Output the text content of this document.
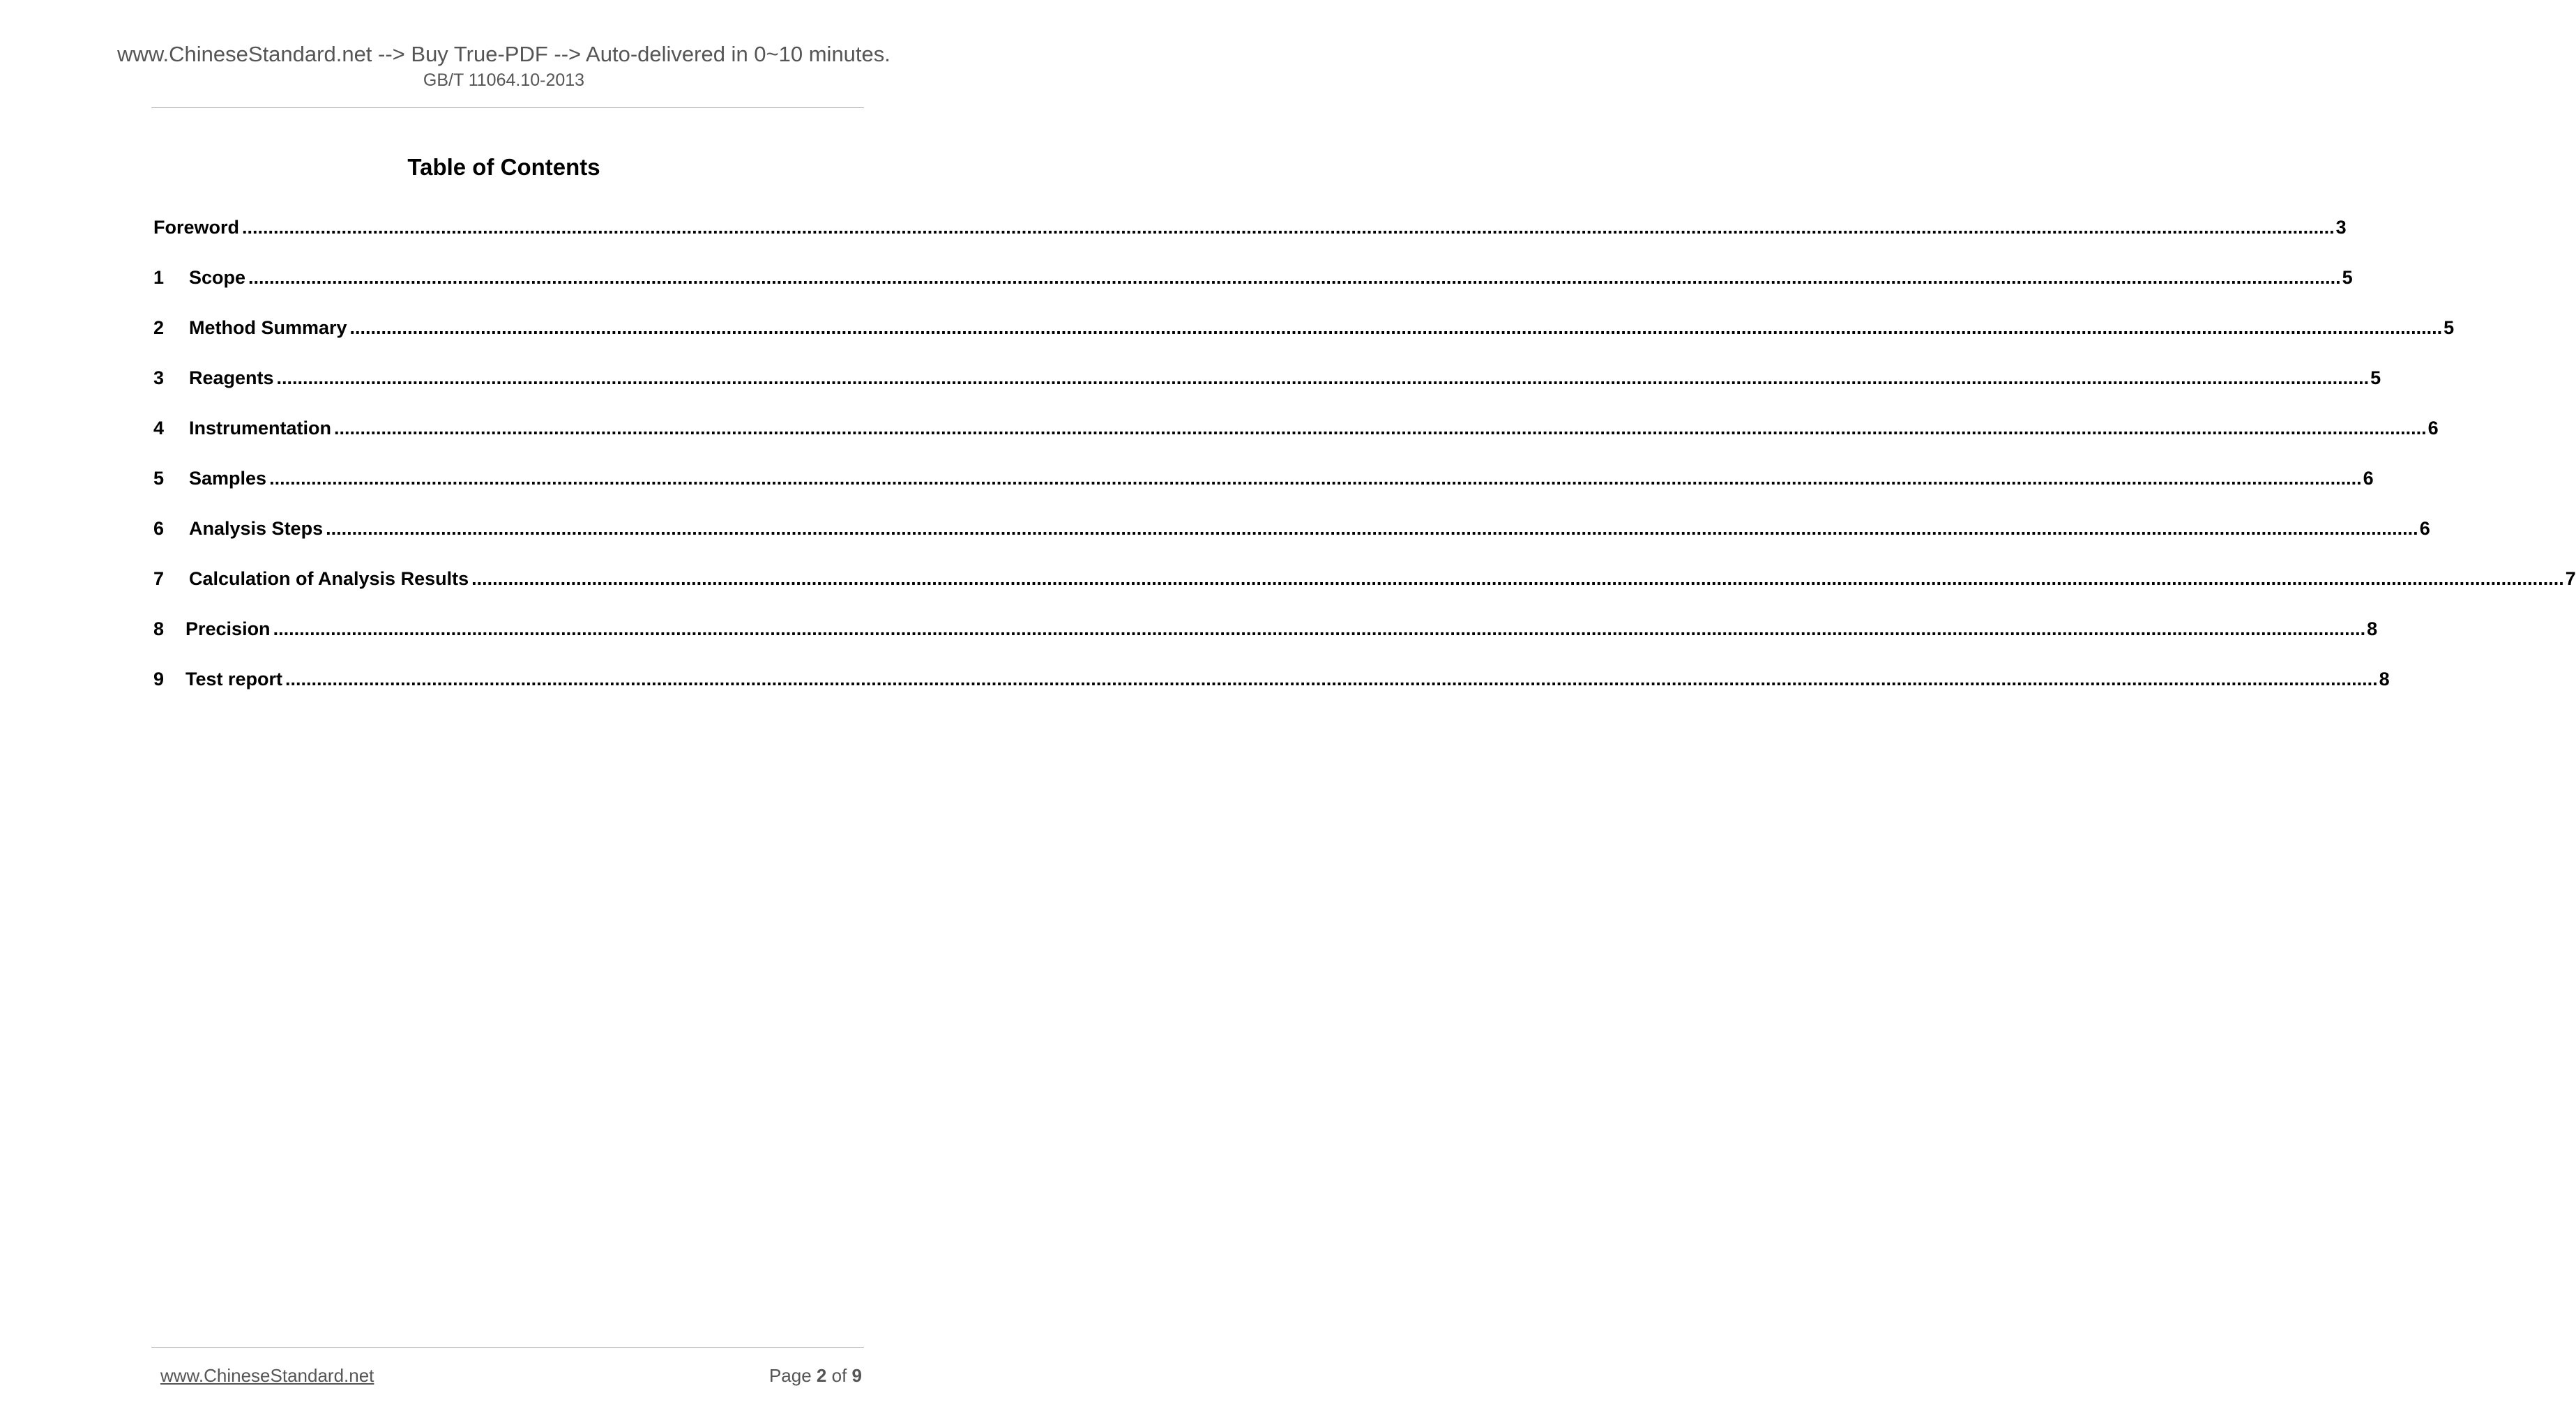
www.ChineseStandard.net --> Buy True-PDF --> Auto-delivered in 0~10 minutes.
GB/T 11064.10-2013
Table of Contents
Foreword ................................................................................................................................................................................................................................................................................................................................................................................................................ 3
1	Scope ................................................................................................................................................................................................................................................................................................................................................................................................................ 5
2	Method Summary ................................................................................................................................................................................................................................................................................................................................................................................................................ 5
3	Reagents ................................................................................................................................................................................................................................................................................................................................................................................................................ 5
4	Instrumentation ................................................................................................................................................................................................................................................................................................................................................................................................................ 6
5	Samples ................................................................................................................................................................................................................................................................................................................................................................................................................ 6
6	Analysis Steps ................................................................................................................................................................................................................................................................................................................................................................................................................ 6
7	Calculation of Analysis Results ................................................................................................................................................................................................................................................................................................................................................................................................................ 7
8	Precision ................................................................................................................................................................................................................................................................................................................................................................................................................ 8
9	Test report ................................................................................................................................................................................................................................................................................................................................................................................................................ 8
www.ChineseStandard.net	Page 2 of 9
